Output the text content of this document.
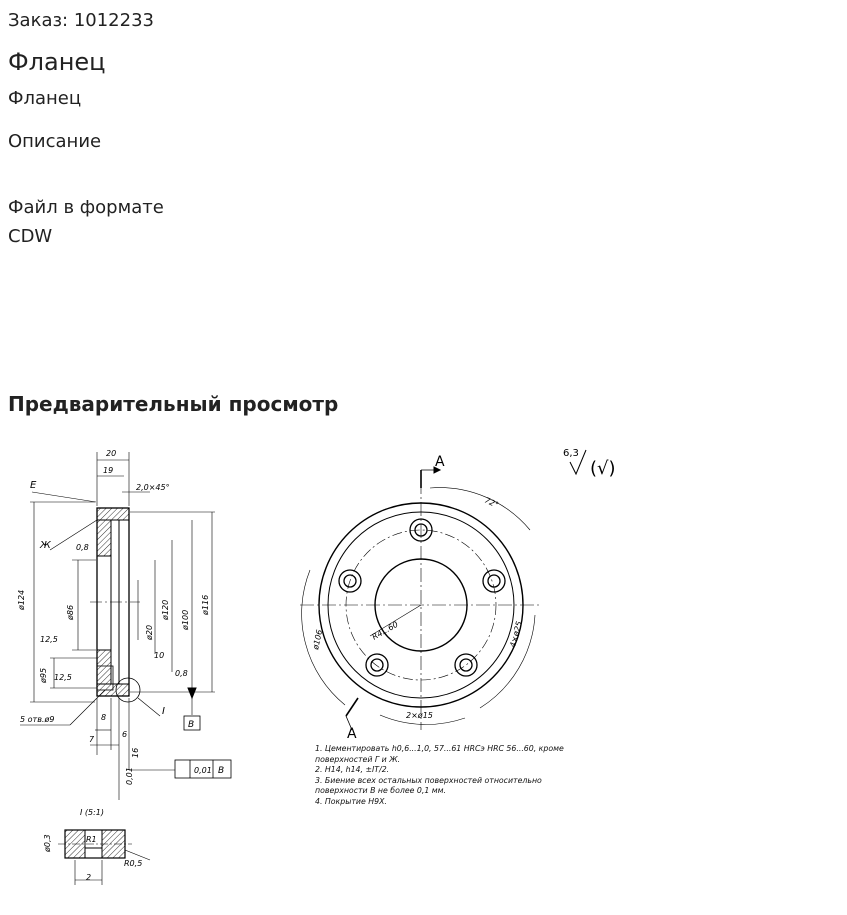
Заказ: 1012233
Фланец
Фланец
Описание
Файл в формате CDW
Предварительный просмотр
(√)
20
19
2,0×45°
Е
Ж	0,8
ø124
ø86
ø20
ø120 ø100
ø116
12,5
12,5
ø95
5 отв.ø9
10
0,8
I
В
8
6
7
16
0,01	0,01 В
A
A
72°
ø106	4×ø25
2×ø15
R4...60
6,3
I (5:1)
ø0,3	R1
R0,5
2
1. Цементировать h0,6...1,0, 57...61 HRCэ HRC 56...60, кроме
поверхностей Г и Ж.
2. H14, h14, ±IT/2.
3. Биение всех остальных поверхностей относительно
поверхности В не более 0,1 мм.
4. Покрытие Н9Х.
